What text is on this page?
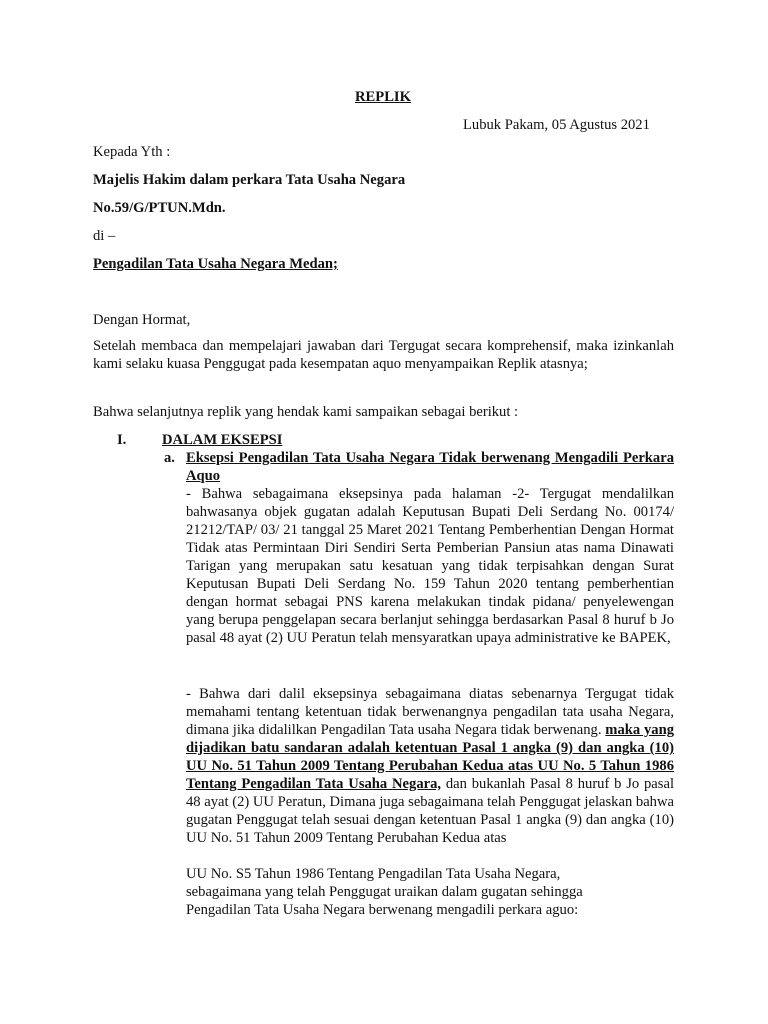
REPLIK
Lubuk Pakam, 05 Agustus 2021
Kepada Yth :
Majelis Hakim dalam perkara Tata Usaha Negara
No.59/G/PTUN.Mdn.
di –
Pengadilan Tata Usaha Negara Medan;
Dengan Hormat,

Setelah membaca dan mempelajari jawaban dari Tergugat secara komprehensif, maka izinkanlah kami selaku kuasa Penggugat pada kesempatan aquo menyampaikan Replik atasnya;

Bahwa selanjutnya replik yang hendak kami sampaikan sebagai berikut :

I. DALAM EKSEPSI
a. Eksepsi Pengadilan Tata Usaha Negara Tidak berwenang Mengadili Perkara Aquo

- Bahwa sebagaimana eksepsinya pada halaman -2- Tergugat mendalilkan bahwasanya objek gugatan adalah Keputusan Bupati Deli Serdang No. 00174/ 21212/TAP/ 03/ 21 tanggal 25 Maret 2021 Tentang Pemberhentian Dengan Hormat Tidak atas Permintaan Diri Sendiri Serta Pemberian Pansiun atas nama Dinawati Tarigan yang merupakan satu kesatuan yang tidak terpisahkan dengan Surat Keputusan Bupati Deli Serdang No. 159 Tahun 2020 tentang pemberhentian dengan hormat sebagai PNS karena melakukan tindak pidana/ penyelewengan yang berupa penggelapan secara berlanjut sehingga berdasarkan Pasal 8 huruf b Jo pasal 48 ayat (2) UU Peratun telah mensyaratkan upaya administrative ke BAPEK,

- Bahwa dari dalil eksepsinya sebagaimana diatas sebenarnya Tergugat tidak memahami tentang ketentuan tidak berwenangnya pengadilan tata usaha Negara, dimana jika didalilkan Pengadilan Tata usaha Negara tidak berwenang. maka yang dijadikan batu sandaran adalah ketentuan Pasal 1 angka (9) dan angka (10) UU No. 51 Tahun 2009 Tentang Perubahan Kedua atas UU No. 5 Tahun 1986 Tentang Pengadilan Tata Usaha Negara, dan bukanlah Pasal 8 huruf b Jo pasal 48 ayat (2) UU Peratun, Dimana juga sebagaimana telah Penggugat jelaskan bahwa gugatan Penggugat telah sesuai dengan ketentuan Pasal 1 angka (9) dan angka (10) UU No. 51 Tahun 2009 Tentang Perubahan Kedua atas

UU No. S5 Tahun 1986 Tentang Pengadilan Tata Usaha Negara,
sebagaimana yang telah Penggugat uraikan dalam gugatan sehingga
Pengadilan Tata Usaha Negara berwenang mengadili perkara aguo:
